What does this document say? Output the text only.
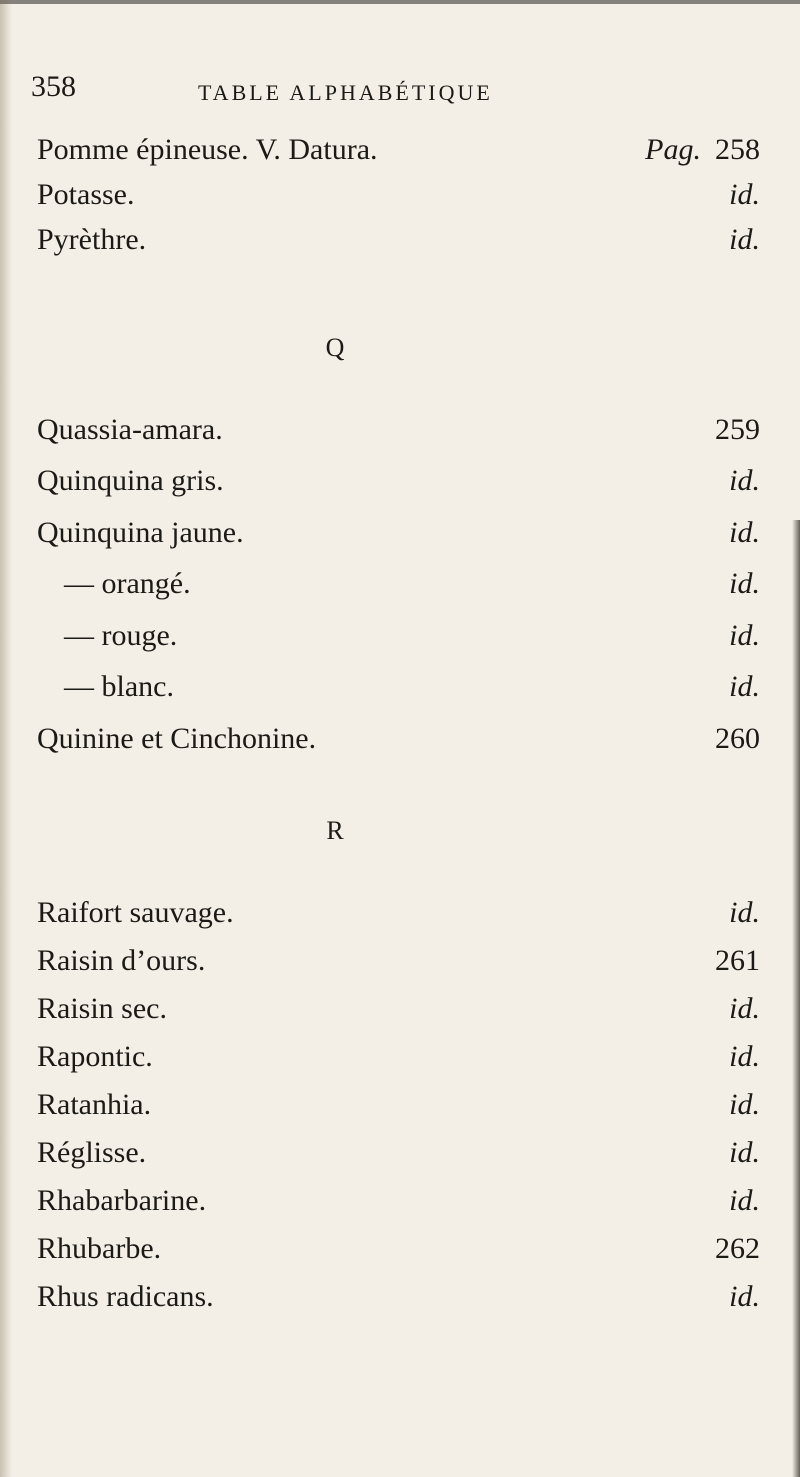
358	TABLE ALPHABÉTIQUE
Pomme épineuse. V. Datura.	Pag. 258
Potasse.	id.
Pyrèthre.	id.
Q
Quassia-amara.	259
Quinquina gris.	id.
Quinquina jaune.	id.
— orangé.	id.
— rouge.	id.
— blanc.	id.
Quinine et Cinchonine.	260
R
Raifort sauvage.	id.
Raisin d’ours.	261
Raisin sec.	id.
Rapontic.	id.
Ratanhia.	id.
Réglisse.	id.
Rhabarbarine.	id.
Rhubarbe.	262
Rhus radicans.	id.
